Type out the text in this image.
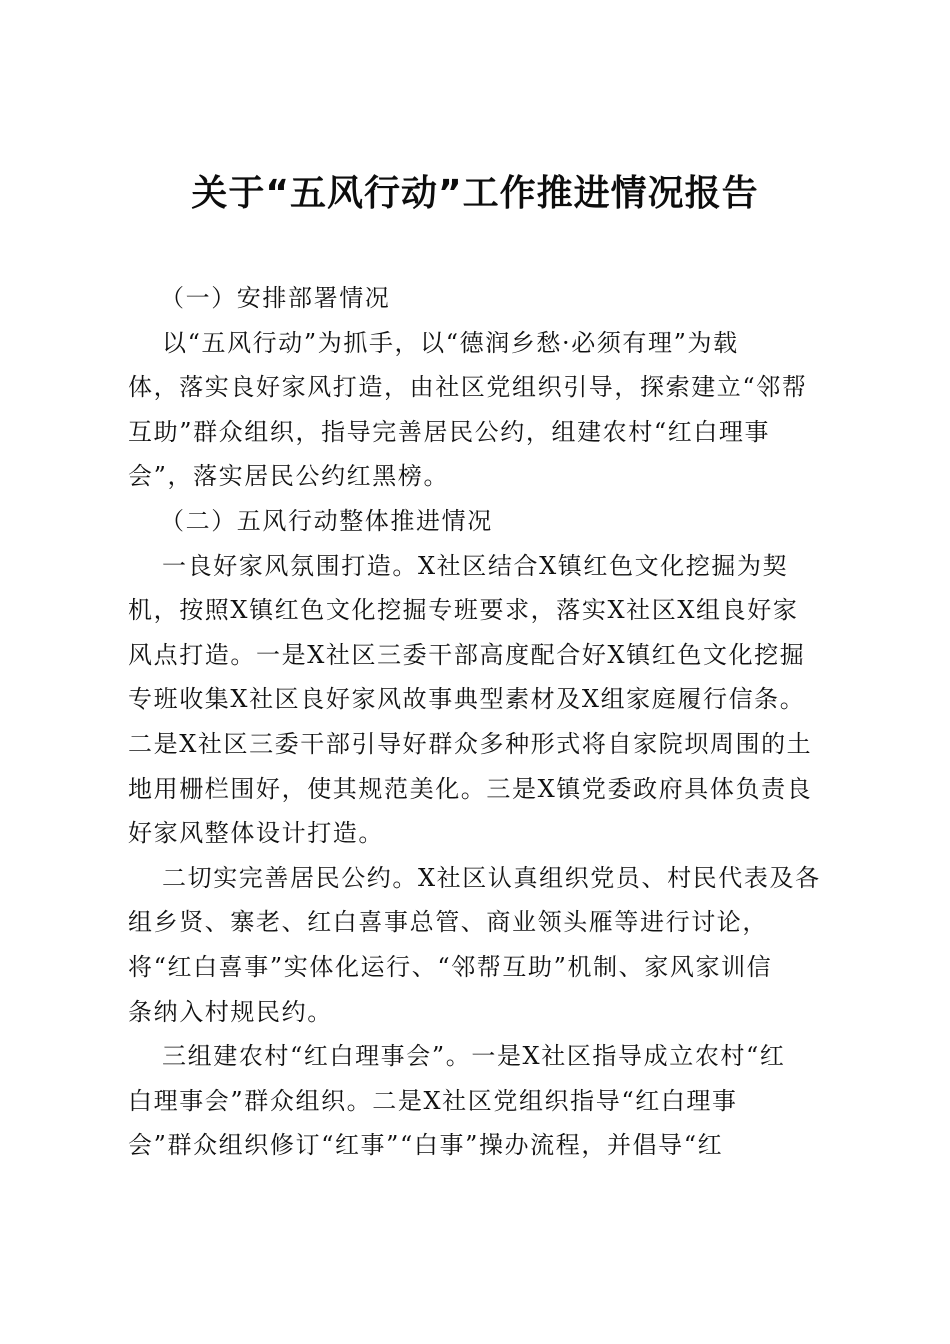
关于“五风行动”工作推进情况报告
（一）安排部署情况
以“五风行动”为抓手，以“德润乡愁·必须有理”为载
体，落实良好家风打造，由社区党组织引导，探索建立“邻帮
互助”群众组织，指导完善居民公约，组建农村“红白理事
会”，落实居民公约红黑榜。
（二）五风行动整体推进情况
一良好家风氛围打造。X社区结合X镇红色文化挖掘为契
机，按照X镇红色文化挖掘专班要求，落实X社区X组良好家
风点打造。一是X社区三委干部高度配合好X镇红色文化挖掘
专班收集X社区良好家风故事典型素材及X组家庭履行信条。
二是X社区三委干部引导好群众多种形式将自家院坝周围的土
地用栅栏围好，使其规范美化。三是X镇党委政府具体负责良
好家风整体设计打造。
二切实完善居民公约。X社区认真组织党员、村民代表及各
组乡贤、寨老、红白喜事总管、商业领头雁等进行讨论，
将“红白喜事”实体化运行、“邻帮互助”机制、家风家训信
条纳入村规民约。
三组建农村“红白理事会”。一是X社区指导成立农村“红
白理事会”群众组织。二是X社区党组织指导“红白理事
会”群众组织修订“红事”“白事”操办流程，并倡导“红
